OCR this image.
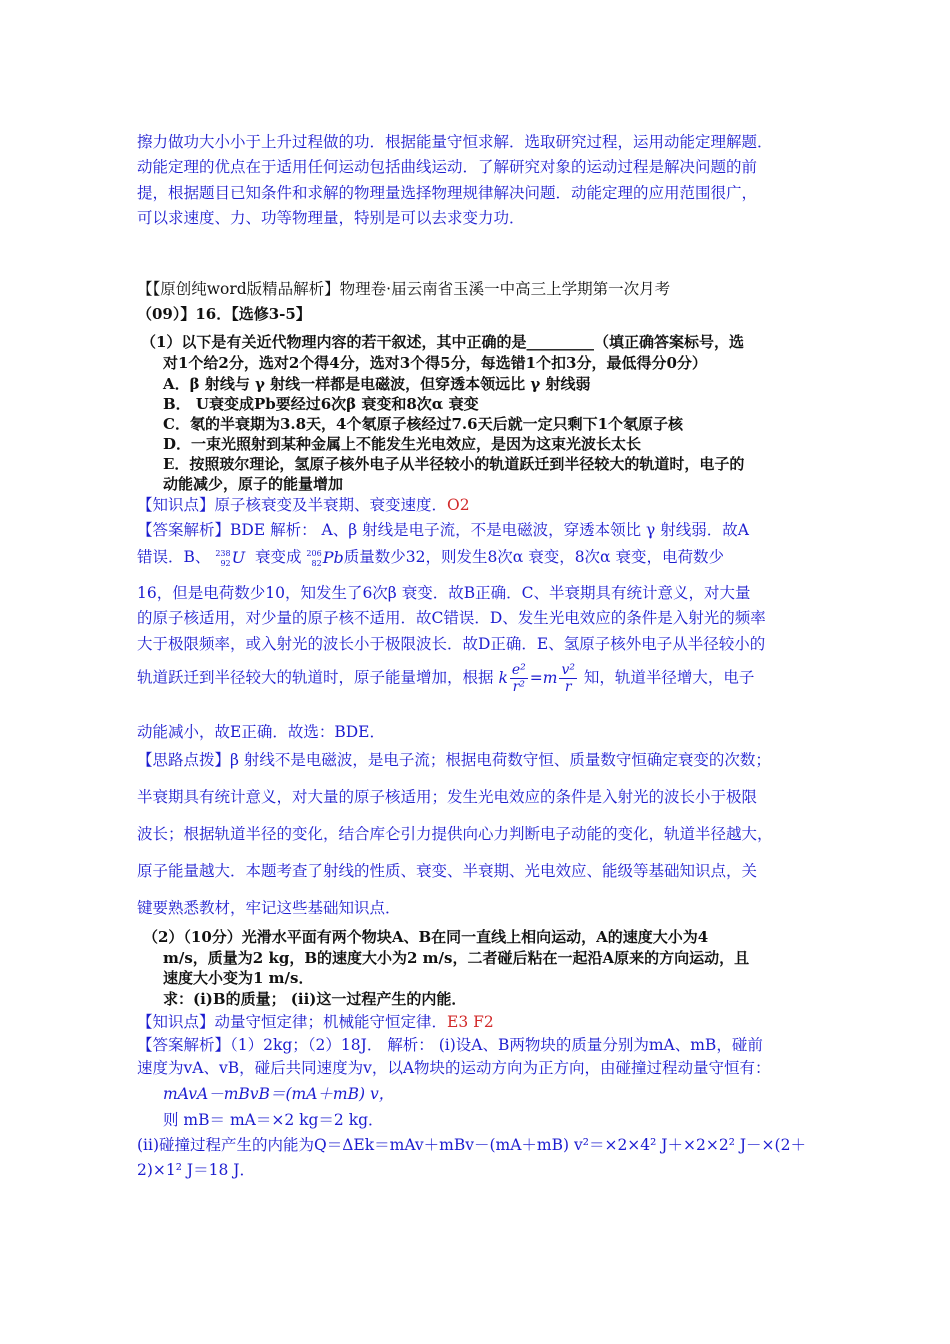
擦力做功大小小于上升过程做的功．根据能量守恒求解．选取研究过程，运用动能定理解题．
动能定理的优点在于适用任何运动包括曲线运动．了解研究对象的运动过程是解决问题的前
提，根据题目已知条件和求解的物理量选择物理规律解决问题．动能定理的应用范围很广，
可以求速度、力、功等物理量，特别是可以去求变力功．
【【原创纯word版精品解析】物理卷·届云南省玉溪一中高三上学期第一次月考
（09）】16．【选修3-5】
（1）以下是有关近代物理内容的若干叙述，其中正确的是_________（填正确答案标号，选
对1个给2分，选对2个得4分，选对3个得5分，每选错1个扣3分，最低得分0分）
A．β 射线与 γ 射线一样都是电磁波，但穿透本领远比 γ 射线弱
B． U衰变成Pb要经过6次β 衰变和8次α 衰变
C．氡的半衰期为3.8天，4个氡原子核经过7.6天后就一定只剩下1个氡原子核
D．一束光照射到某种金属上不能发生光电效应，是因为这束光波长太长
E．按照玻尔理论，氢原子核外电子从半径较小的轨道跃迁到半径较大的轨道时，电子的
动能减少，原子的能量增加
【知识点】原子核衰变及半衰期、衰变速度．O2
【答案解析】BDE 解析： A、β 射线是电子流，不是电磁波，穿透本领比 γ 射线弱．故A
错误．B、 238
92U 衰变成 206
82Pb质量数少32，则发生8次α 衰变，8次α 衰变，电荷数少
16，但是电荷数少10，知发生了6次β 衰变．故B正确．C、半衰期具有统计意义，对大量
的原子核适用，对少量的原子核不适用．故C错误．D、发生光电效应的条件是入射光的频率
大于极限频率，或入射光的波长小于极限波长．故D正确．E、氢原子核外电子从半径较小的
轨道跃迁到半径较大的轨道时，原子能量增加，根据 k $\frac{\text{e²}}{\text{r²}} =m \frac{\text{v²}}{r}$ 知，轨道半径增大，电子
动能减小，故E正确．故选：BDE．
【思路点拨】β 射线不是电磁波，是电子流；根据电荷数守恒、质量数守恒确定衰变的次数；
半衰期具有统计意义，对大量的原子核适用；发生光电效应的条件是入射光的波长小于极限
波长；根据轨道半径的变化，结合库仑引力提供向心力判断电子动能的变化，轨道半径越大，
原子能量越大．本题考查了射线的性质、衰变、半衰期、光电效应、能级等基础知识点，关
键要熟悉教材，牢记这些基础知识点．
（2）（10分）光滑水平面有两个物块A、B在同一直线上相向运动，A的速度大小为4
m/s，质量为2 kg，B的速度大小为2 m/s，二者碰后粘在一起沿A原来的方向运动，且
速度大小变为1 m/s．
求：(i)B的质量； (ii)这一过程产生的内能．
【知识点】动量守恒定律；机械能守恒定律．E3 F2
【答案解析】（1）2kg；（2）18J． 解析： (i)设A、B两物块的质量分别为mA、mB，碰前
速度为vA、vB，碰后共同速度为v，以A物块的运动方向为正方向，由碰撞过程动量守恒有：
mAvA－mBvB＝(mA＋mB) v，
则 mB＝ mA＝×2 kg＝2 kg．
(ii)碰撞过程产生的内能为Q＝ΔEk＝mAv＋mBv－(mA＋mB) v²＝×2×4² J＋×2×2² J－×(2＋
2)×1² J＝18 J．
